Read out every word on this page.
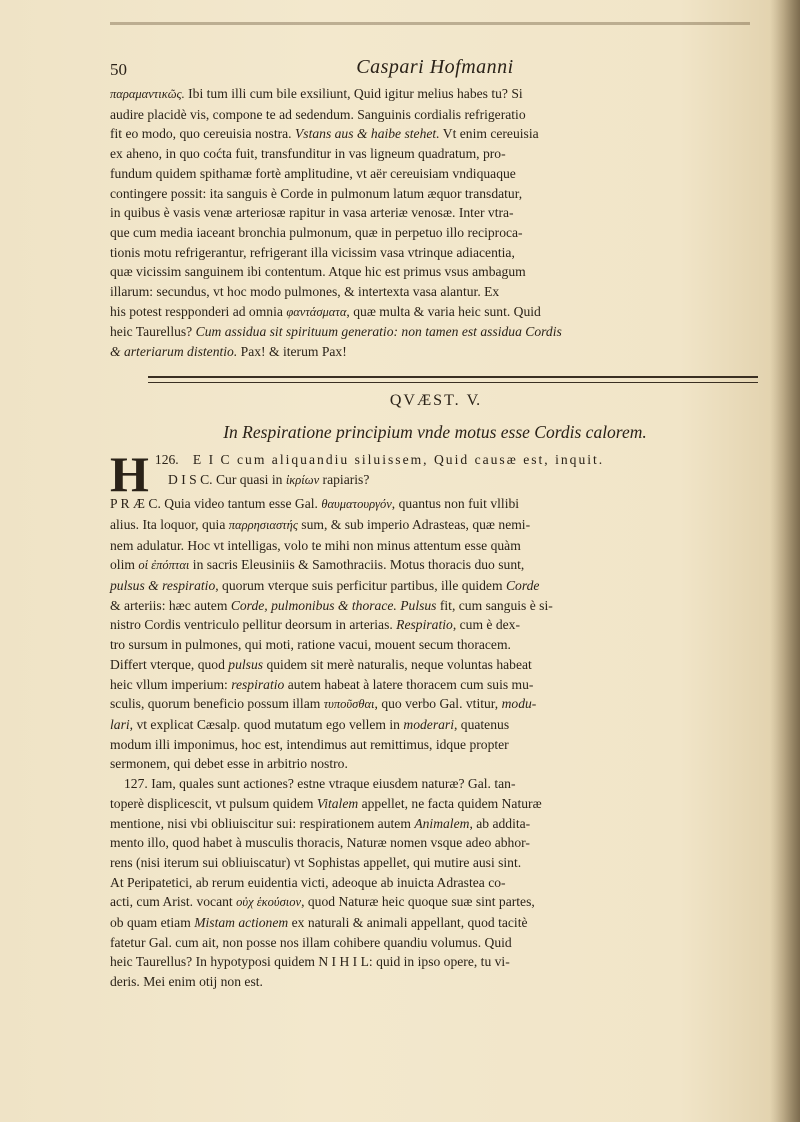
50	Caspari Hofmanni

παραμαντικῶς. Ibi tum illi cum bile exsiliunt, Quid igitur melius habes tu? Si

audire placidè vis, compone te ad sedendum. Sanguinis cordialis refrigeratio

fit eo modo, quo cereuisia nostra. Vstans aus & haibe stehet. Vt enim cereuisia

ex aheno, in quo coćta fuit, transfunditur in vas ligneum quadratum, pro-

fundum quidem spithamæ fortè amplitudine, vt aër cereuisiam vndiquaque

contingere possit: ita sanguis è Corde in pulmonum latum æquor transdatur,

in quibus è vasis venæ arteriosæ rapitur in vasa arteriæ venosæ. Inter vtra-

que cum media iaceant bronchia pulmonum, quæ in perpetuo illo reciproca-

tionis motu refrigerantur, refrigerant illa vicissim vasa vtrinque adiacentia,

quæ vicissim sanguinem ibi contentum. Atque hic est primus vsus ambagum

illarum: secundus, vt hoc modo pulmones, & intertexta vasa alantur. Ex

his potest respponderi ad omnia φαντάσματα, quæ multa & varia heic sunt. Quid

heic Taurellus? Cum assidua sit spirituum generatio: non tamen est assidua Cordis

& arteriarum distentio. Pax! & iterum Pax!

QVÆST. V.
In Respiratione principium vnde motus esse Cordis calorem.

126.
H	E I C cum aliquandiu siluissem, Quid causæ est, inquit.

D I S C. Cur quasi in ἰκρίων rapiaris?

P R Æ C. Quia video tantum esse Gal. θαυματουργόν, quantus non fuit vllibi

alius. Ita loquor, quia παρρησιαστής sum, & sub imperio Adrasteas, quæ nemi-

nem adulatur. Hoc vt intelligas, volo te mihi non minus attentum esse quàm

olim οἱ ἐπόπται in sacris Eleusiniis & Samothraciis. Motus thoracis duo sunt,

pulsus & respiratio, quorum vterque suis perficitur partibus, ille quidem Corde

& arteriis: hæc autem Corde, pulmonibus & thorace. Pulsus fit, cum sanguis è si-

nistro Cordis ventriculo pellitur deorsum in arterias. Respiratio, cum è dex-

tro sursum in pulmones, qui moti, ratione vacui, mouent secum thoracem.

Differt vterque, quod pulsus quidem sit merè naturalis, neque voluntas habeat

heic vllum imperium: respiratio autem habeat à latere thoracem cum suis mu-

sculis, quorum beneficio possum illam τυποῦσθαι, quo verbo Gal. vtitur, modu-

lari, vt explicat Cæsalp. quod mutatum ego vellem in moderari, quatenus

modum illi imponimus, hoc est, intendimus aut remittimus, idque propter

sermonem, qui debet esse in arbitrio nostro.

127. Iam, quales sunt actiones? estne vtraque eiusdem naturæ? Gal. tan-

toperè displicescit, vt pulsum quidem Vitalem appellet, ne facta quidem Naturæ

mentione, nisi vbi obliuiscitur sui: respirationem autem Animalem, ab addita-

mento illo, quod habet à musculis thoracis, Naturæ nomen vsque adeo abhor-

rens (nisi iterum sui obliuiscatur) vt Sophistas appellet, qui mutire ausi sint.

At Peripatetici, ab rerum euidentia victi, adeoque ab inuicta Adrastea co-

acti, cum Arist. vocant οὐχ ἑκούσιον, quod Naturæ heic quoque suæ sint partes,

ob quam etiam Mistam actionem ex naturali & animali appellant, quod tacitè

fatetur Gal. cum ait, non posse nos illam cohibere quandiu volumus. Quid

heic Taurellus? In hypotyposi quidem N I H I L: quid in ipso opere, tu vi-

deris. Mei enim otij non est.
